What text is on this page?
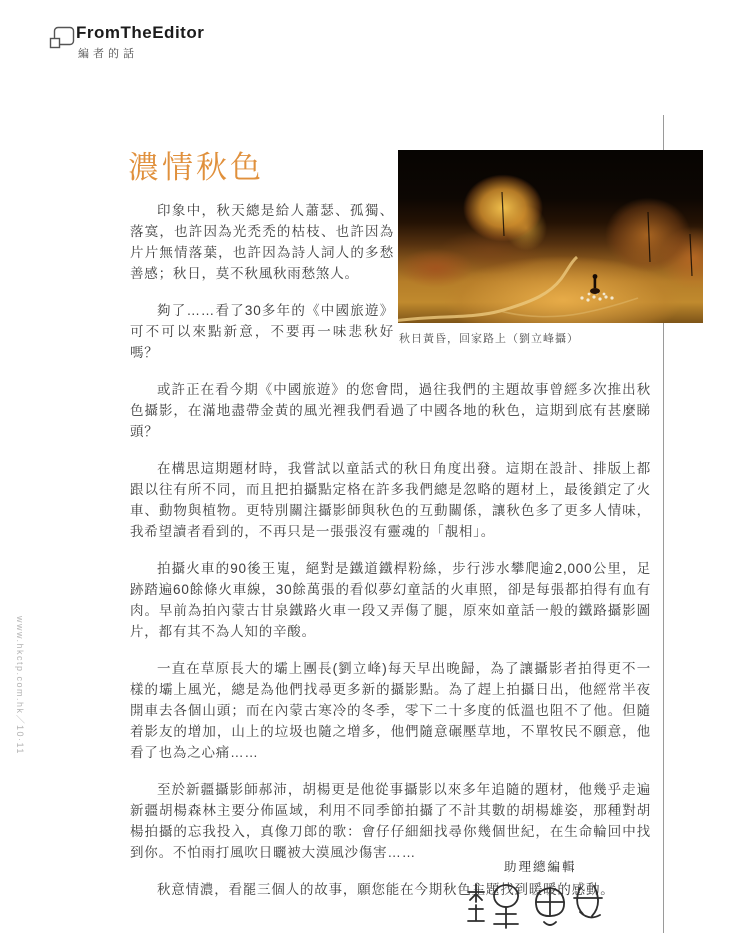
FromTheEditor
編者的話
www.hkctp.com.hk＼10·11
濃情秋色

印象中，秋天總是給人蕭瑟、孤獨、落寞，也許因為光禿禿的枯枝、也許因為片片無情落葉，也許因為詩人詞人的多愁善感；秋日，莫不秋風秋雨愁煞人。

夠了……看了30多年的《中國旅遊》可不可以來點新意，不要再一味悲秋好嗎？

秋日黃昏，回家路上（劉立峰攝）

或許正在看今期《中國旅遊》的您會問，過往我們的主題故事曾經多次推出秋色攝影，在滿地盡帶金黃的風光裡我們看過了中國各地的秋色，這期到底有甚麼睇頭？

在構思這期題材時，我嘗試以童話式的秋日角度出發。這期在設計、排版上都跟以往有所不同，而且把拍攝點定格在許多我們總是忽略的題材上，最後鎖定了火車、動物與植物。更特別關注攝影師與秋色的互動關係，讓秋色多了更多人情味，我希望讀者看到的，不再只是一張張沒有靈魂的「靚相」。

拍攝火車的90後王嵬，絕對是鐵道鐵桿粉絲，步行涉水攀爬逾2,000公里，足跡踏遍60餘條火車線，30餘萬張的看似夢幻童話的火車照，卻是每張都拍得有血有肉。早前為拍內蒙古甘泉鐵路火車一段又弄傷了腿，原來如童話一般的鐵路攝影圖片，都有其不為人知的辛酸。

一直在草原長大的壩上團長(劉立峰)每天早出晚歸，為了讓攝影者拍得更不一樣的壩上風光，總是為他們找尋更多新的攝影點。為了趕上拍攝日出，他經常半夜開車去各個山頭；而在內蒙古寒冷的冬季，零下二十多度的低溫也阻不了他。但隨着影友的增加，山上的垃圾也隨之增多，他們隨意碾壓草地，不單牧民不願意，他看了也為之心痛……

至於新疆攝影師郝沛，胡楊更是他從事攝影以來多年追隨的題材，他幾乎走遍新疆胡楊森林主要分佈區域，利用不同季節拍攝了不計其數的胡楊雄姿，那種對胡楊拍攝的忘我投入，真像刀郎的歌：會仔仔細細找尋你幾個世紀，在生命輪回中找到你。不怕雨打風吹日曬被大漠風沙傷害……

秋意情濃，看罷三個人的故事，願您能在今期秋色主題找到暖暖的感動。

助理總編輯
